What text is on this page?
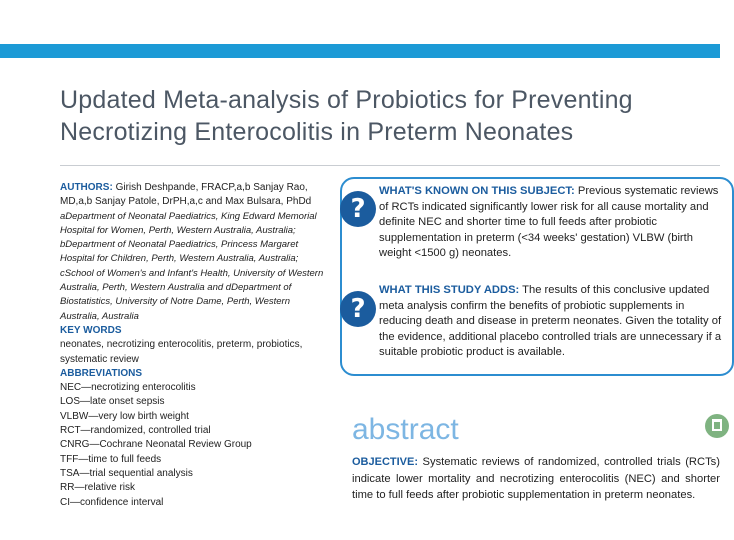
Updated Meta-analysis of Probiotics for Preventing Necrotizing Enterocolitis in Preterm Neonates

AUTHORS: Girish Deshpande, FRACP,a,b Sanjay Rao, MD,a,b Sanjay Patole, DrPH,a,c and Max Bulsara, PhDd aDepartment of Neonatal Paediatrics, King Edward Memorial Hospital for Women, Perth, Western Australia, Australia; bDepartment of Neonatal Paediatrics, Princess Margaret Hospital for Children, Perth, Western Australia, Australia; cSchool of Women's and Infant's Health, University of Western Australia, Perth, Western Australia and dDepartment of Biostatistics, University of Notre Dame, Perth, Western Australia, Australia

KEY WORDS

neonates, necrotizing enterocolitis, preterm, probiotics, systematic review

ABBREVIATIONS

NEC—necrotizing enterocolitis
LOS—late onset sepsis
VLBW—very low birth weight
RCT—randomized, controlled trial
CNRG—Cochrane Neonatal Review Group
TFF—time to full feeds
TSA—trial sequential analysis
RR—relative risk
CI—confidence interval
?

WHAT'S KNOWN ON THIS SUBJECT: Previous systematic reviews of RCTs indicated significantly lower risk for all cause mortality and definite NEC and shorter time to full feeds after probiotic supplementation in preterm (<34 weeks' gestation) VLBW (birth weight <1500 g) neonates.

?

WHAT THIS STUDY ADDS: The results of this conclusive updated meta analysis confirm the benefits of probiotic supplements in reducing death and disease in preterm neonates. Given the totality of the evidence, additional placebo controlled trials are unnecessary if a suitable probiotic product is available.

abstract

OBJECTIVE: Systematic reviews of randomized, controlled trials (RCTs) indicate lower mortality and necrotizing enterocolitis (NEC) and shorter time to full feeds after probiotic supplementation in preterm neonates.
